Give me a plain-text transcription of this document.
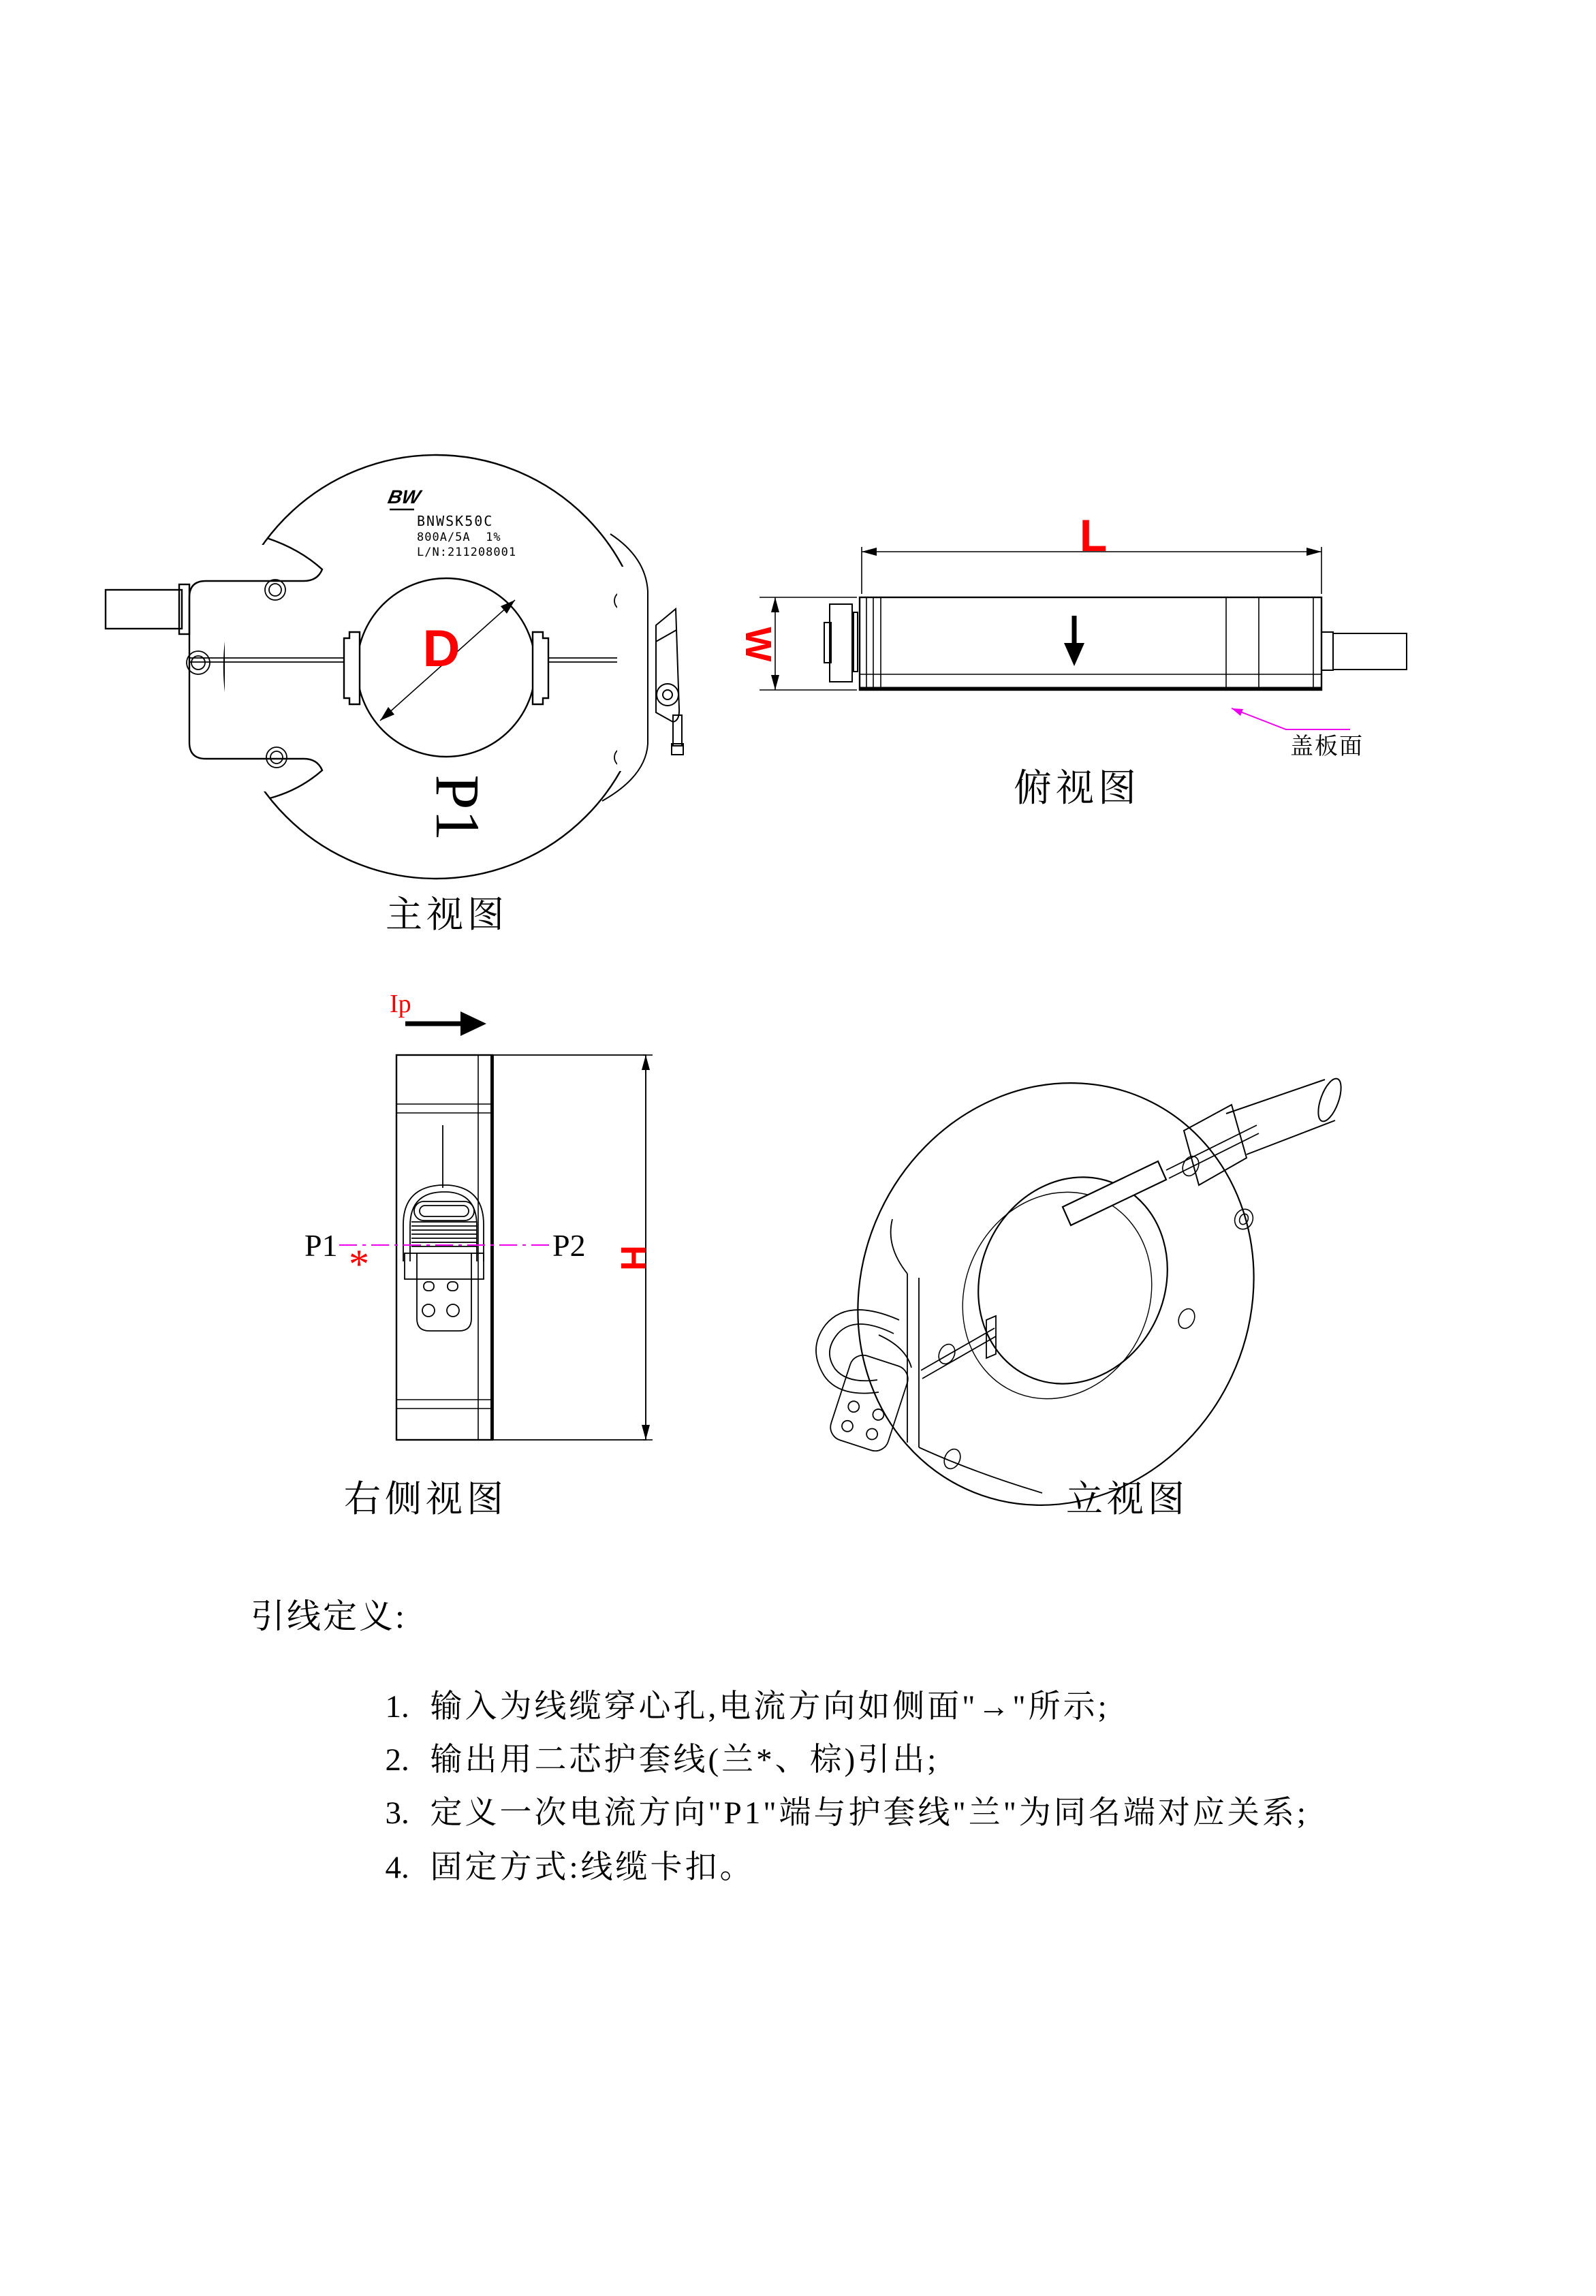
BW
BNWSK50C
800A/5A  1%
L/N:211208001
D
P1
主视图
L
W
盖板面
俯视图
Ip
P1	P2
*	H
右侧视图	立视图
引线定义:

1. 输入为线缆穿心孔,电流方向如侧面"→"所示;

2. 输出用二芯护套线(兰*、棕)引出;

3. 定义一次电流方向"P1"端与护套线"兰"为同名端对应关系;

4. 固定方式:线缆卡扣。
